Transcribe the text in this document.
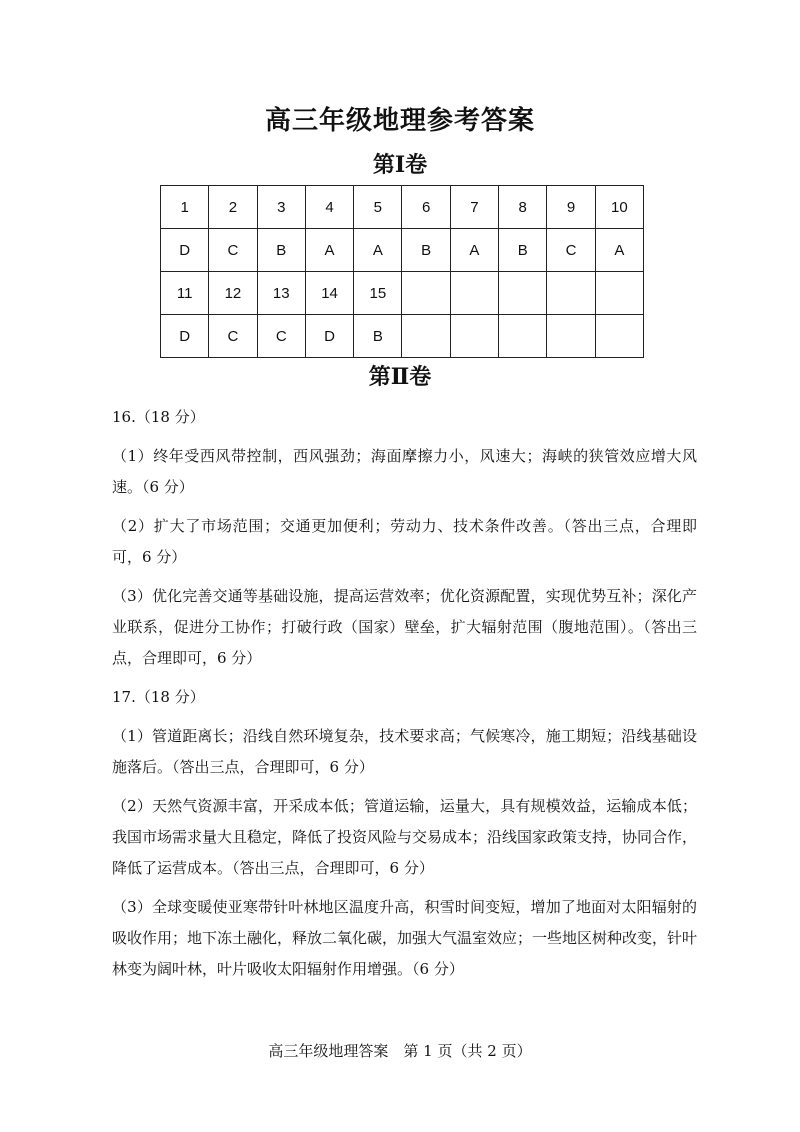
高三年级地理参考答案
第Ⅰ卷
1	2	3	4	5	6	7	8	9	10
D	C	B	A	A	B	A	B	C	A
11	12	13	14	15					
D	C	C	D	B					
第Ⅱ卷

16.（18 分）

（1）终年受西风带控制，西风强劲；海面摩擦力小，风速大；海峡的狭管效应增大风速。（6 分）

（2）扩大了市场范围；交通更加便利；劳动力、技术条件改善。（答出三点，合理即可，6 分）

（3）优化完善交通等基础设施，提高运营效率；优化资源配置，实现优势互补；深化产业联系，促进分工协作；打破行政（国家）壁垒，扩大辐射范围（腹地范围）。（答出三点，合理即可，6 分）

17.（18 分）

（1）管道距离长；沿线自然环境复杂，技术要求高；气候寒冷，施工期短；沿线基础设施落后。（答出三点，合理即可，6 分）

（2）天然气资源丰富，开采成本低；管道运输，运量大，具有规模效益，运输成本低；我国市场需求量大且稳定，降低了投资风险与交易成本；沿线国家政策支持，协同合作，降低了运营成本。（答出三点，合理即可，6 分）

（3）全球变暖使亚寒带针叶林地区温度升高，积雪时间变短，增加了地面对太阳辐射的吸收作用；地下冻土融化，释放二氧化碳，加强大气温室效应；一些地区树种改变，针叶林变为阔叶林，叶片吸收太阳辐射作用增强。（6 分）

高三年级地理答案　第 1 页（共 2 页）
